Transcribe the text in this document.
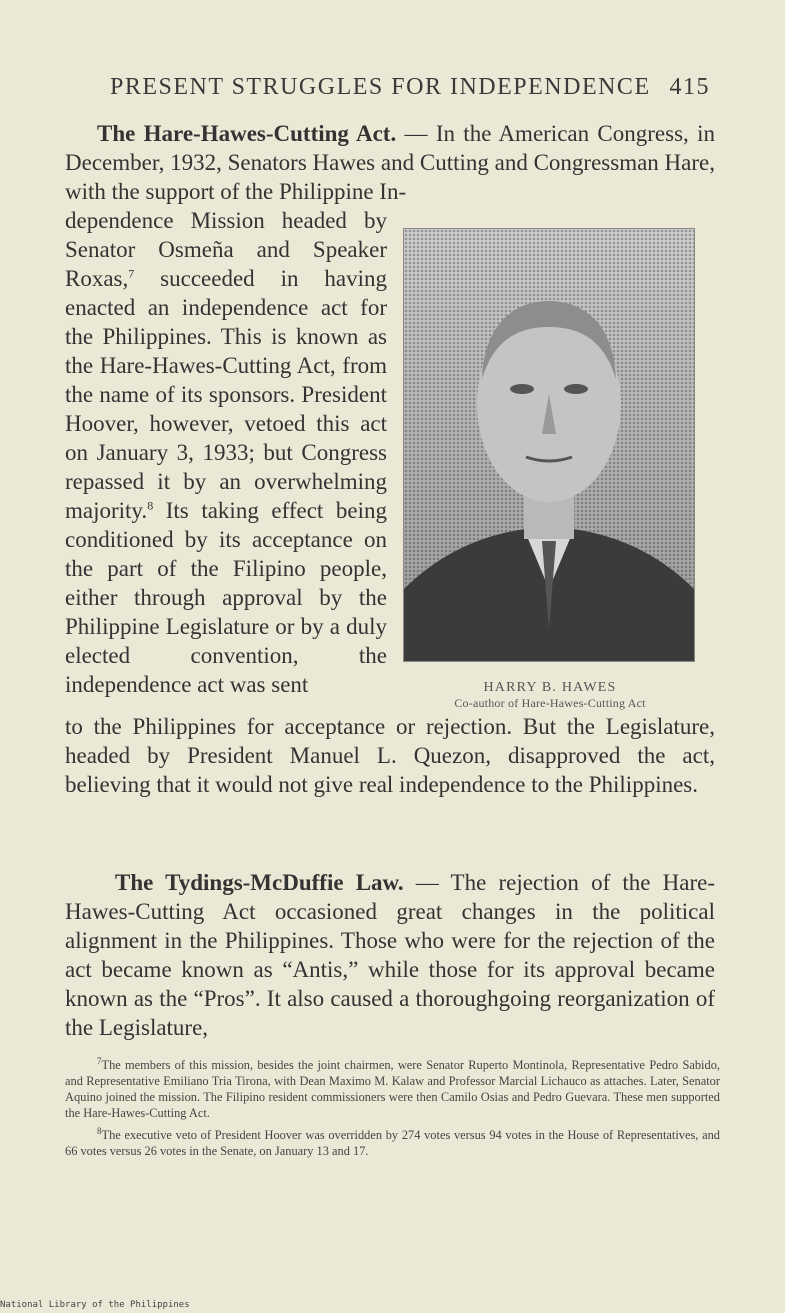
PRESENT STRUGGLES FOR INDEPENDENCE 415
The Hare-Hawes-Cutting Act. — In the American Congress, in December, 1932, Senators Hawes and Cutting and Congressman Hare, with the support of the Philippine In-
dependence Mission headed by Senator Osmeña and Speaker Roxas,$^7$ succeeded in having enacted an independence act for the Philippines. This is known as the Hare-Hawes-Cutting Act, from the name of its sponsors. President Hoover, however, vetoed this act on January 3, 1933; but Congress repassed it by an overwhelming majority.$^8$ Its taking effect being conditioned by its acceptance on the part of the Filipino people, either through approval by the Philippine Legislature or by a duly elected convention, the independence act was sent	HARRY B. HAWES
Co-author of Hare-Hawes-Cutting Act
to the Philippines for acceptance or rejection. But the Legislature, headed by President Manuel L. Quezon, disapproved the act, believing that it would not give real independence to the Philippines.
The Tydings-McDuffie Law. — The rejection of the Hare-Hawes-Cutting Act occasioned great changes in the political alignment in the Philippines. Those who were for the rejection of the act became known as “Antis,” while those for its approval became known as the “Pros”. It also caused a thoroughgoing reorganization of the Legislature,
$^7$The members of this mission, besides the joint chairmen, were Senator Ruperto Montinola, Representative Pedro Sabido, and Representative Emiliano Tria Tirona, with Dean Maximo M. Kalaw and Professor Marcial Lichauco as attaches. Later, Senator Aquino joined the mission. The Filipino resident commissioners were then Camilo Osias and Pedro Guevara. These men supported the Hare-Hawes-Cutting Act.
$^8$The executive veto of President Hoover was overridden by 274 votes versus 94 votes in the House of Representatives, and 66 votes versus 26 votes in the Senate, on January 13 and 17.
National Library of the Philippines
